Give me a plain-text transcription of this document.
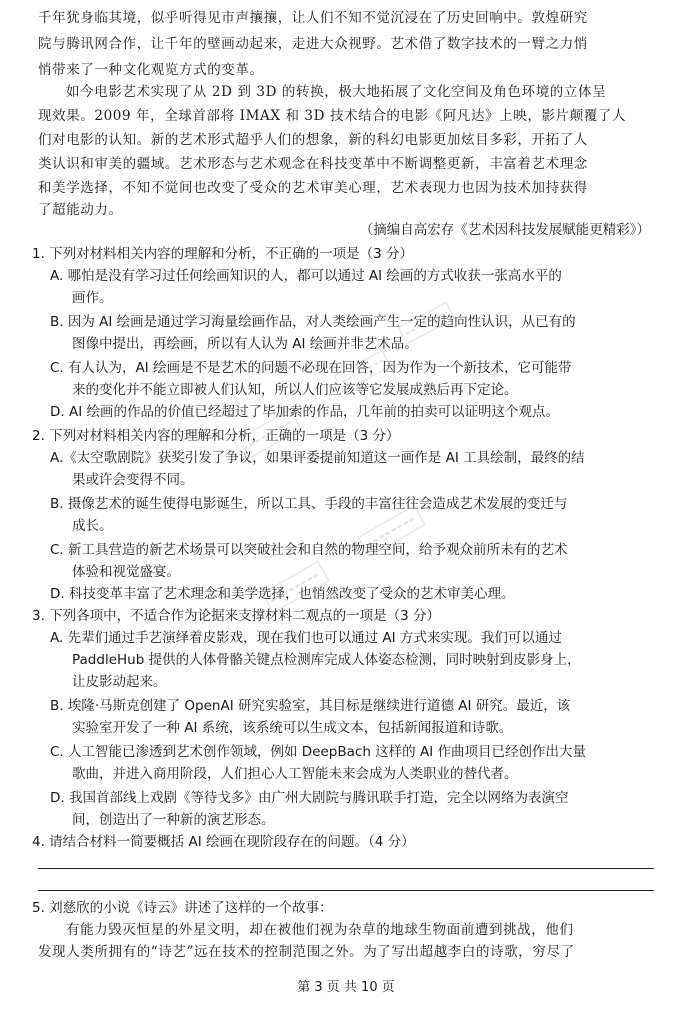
千年犹身临其境，似乎听得见市声攘攘，让人们不知不觉沉浸在了历史回响中。敦煌研究
院与腾讯网合作，让千年的壁画动起来，走进大众视野。艺术借了数字技术的一臂之力悄
悄带来了一种文化观览方式的变革。
如今电影艺术实现了从 2D 到 3D 的转换，极大地拓展了文化空间及角色环境的立体呈
现效果。2009 年，全球首部将 IMAX 和 3D 技术结合的电影《阿凡达》上映，影片颠覆了人
们对电影的认知。新的艺术形式超乎人们的想象，新的科幻电影更加炫目多彩，开拓了人
类认识和审美的疆域。艺术形态与艺术观念在科技变革中不断调整更新，丰富着艺术理念
和美学选择，不知不觉间也改变了受众的艺术审美心理，艺术表现力也因为技术加持获得
了超能动力。
（摘编自高宏存《艺术因科技发展赋能更精彩》）
1. 下列对材料相关内容的理解和分析，不正确的一项是（3 分）
A. 哪怕是没有学习过任何绘画知识的人，都可以通过 AI 绘画的方式收获一张高水平的
画作。
B. 因为 AI 绘画是通过学习海量绘画作品，对人类绘画产生一定的趋向性认识，从已有的
图像中提出，再绘画，所以有人认为 AI 绘画并非艺术品。
C. 有人认为，AI 绘画是不是艺术的问题不必现在回答，因为作为一个新技术，它可能带
来的变化并不能立即被人们认知，所以人们应该等它发展成熟后再下定论。
D. AI 绘画的作品的价值已经超过了毕加索的作品，几年前的拍卖可以证明这个观点。
2. 下列对材料相关内容的理解和分析，正确的一项是（3 分）
A.《太空歌剧院》获奖引发了争议，如果评委提前知道这一画作是 AI 工具绘制，最终的结
果或许会变得不同。
B. 摄像艺术的诞生使得电影诞生，所以工具、手段的丰富往往会造成艺术发展的变迁与
成长。
C. 新工具营造的新艺术场景可以突破社会和自然的物理空间，给予观众前所未有的艺术
体验和视觉盛宴。
D. 科技变革丰富了艺术理念和美学选择，也悄然改变了受众的艺术审美心理。
3. 下列各项中，不适合作为论据来支撑材料二观点的一项是（3 分）
A. 先辈们通过手艺演绎着皮影戏，现在我们也可以通过 AI 方式来实现。我们可以通过
PaddleHub 提供的人体骨骼关键点检测库完成人体姿态检测，同时映射到皮影身上，
让皮影动起来。
B. 埃隆·马斯克创建了 OpenAI 研究实验室，其目标是继续进行道德 AI 研究。最近，该
实验室开发了一种 AI 系统，该系统可以生成文本，包括新闻报道和诗歌。
C. 人工智能已渗透到艺术创作领域，例如 DeepBach 这样的 AI 作曲项目已经创作出大量
歌曲，并进入商用阶段，人们担心人工智能未来会成为人类职业的替代者。
D. 我国首部线上戏剧《等待戈多》由广州大剧院与腾讯联手打造，完全以网络为表演空
间，创造出了一种新的演艺形态。
4. 请结合材料一简要概括 AI 绘画在现阶段存在的问题。（4 分）
5. 刘慈欣的小说《诗云》讲述了这样的一个故事：
有能力毁灭恒星的外星文明，却在被他们视为杂草的地球生物面前遭到挑战，他们
发现人类所拥有的“诗艺”远在技术的控制范围之外。为了写出超越李白的诗歌，穷尽了
第 3 页 共 10 页
